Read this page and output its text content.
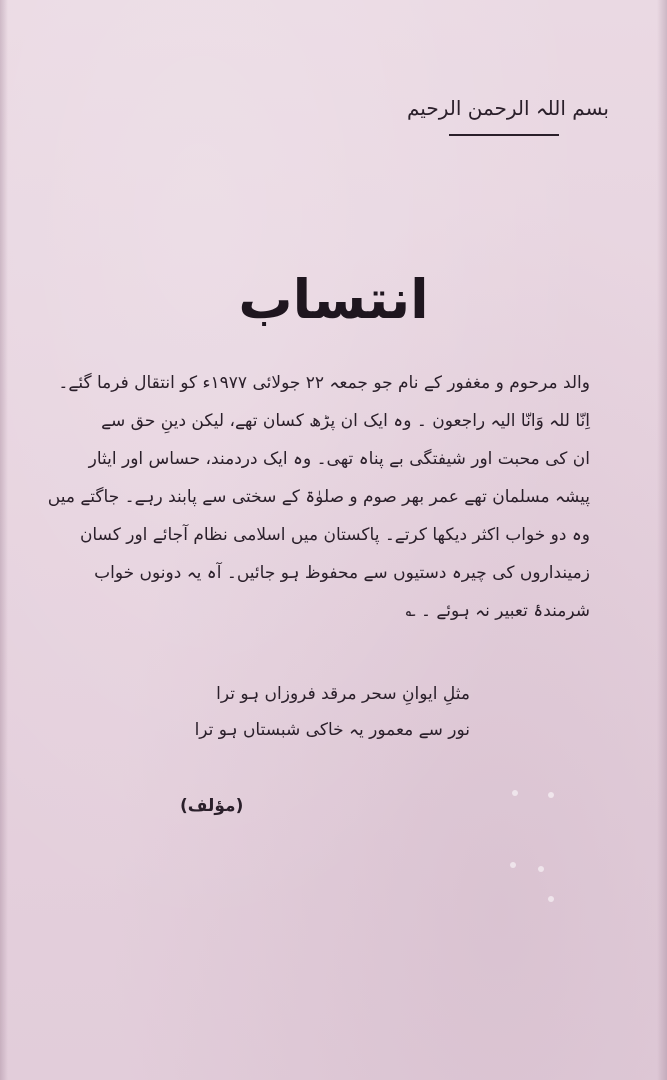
بسم اللہ الرحمن الرحیم
انتساب
والد مرحوم و مغفور کے نام جو جمعہ ۲۲ جولائی ۱۹۷۷ء کو انتقال فرما گئے۔
اِنّا للہ وَانّا الیہ راجعون ۔ وہ ایک ان پڑھ کسان تھے، لیکن دینِ حق سے
ان کی محبت اور شیفتگی بے پناہ تھی۔ وہ ایک دردمند، حساس اور ایثار
پیشہ مسلمان تھے عمر بھر صوم و صلوٰۃ کے سختی سے پابند رہے۔ جاگتے میں
وہ دو خواب اکثر دیکھا کرتے۔ پاکستان میں اسلامی نظام آجائے اور کسان
زمینداروں کی چیرہ دستیوں سے محفوظ ہو جائیں۔ آہ یہ دونوں خواب
شرمندۂ تعبیر نہ ہوئے ۔ ؎
مثلِ ایوانِ سحر مرقد فروزاں ہو ترا
نور سے معمور یہ خاکی شبستاں ہو ترا
(مؤلف)
